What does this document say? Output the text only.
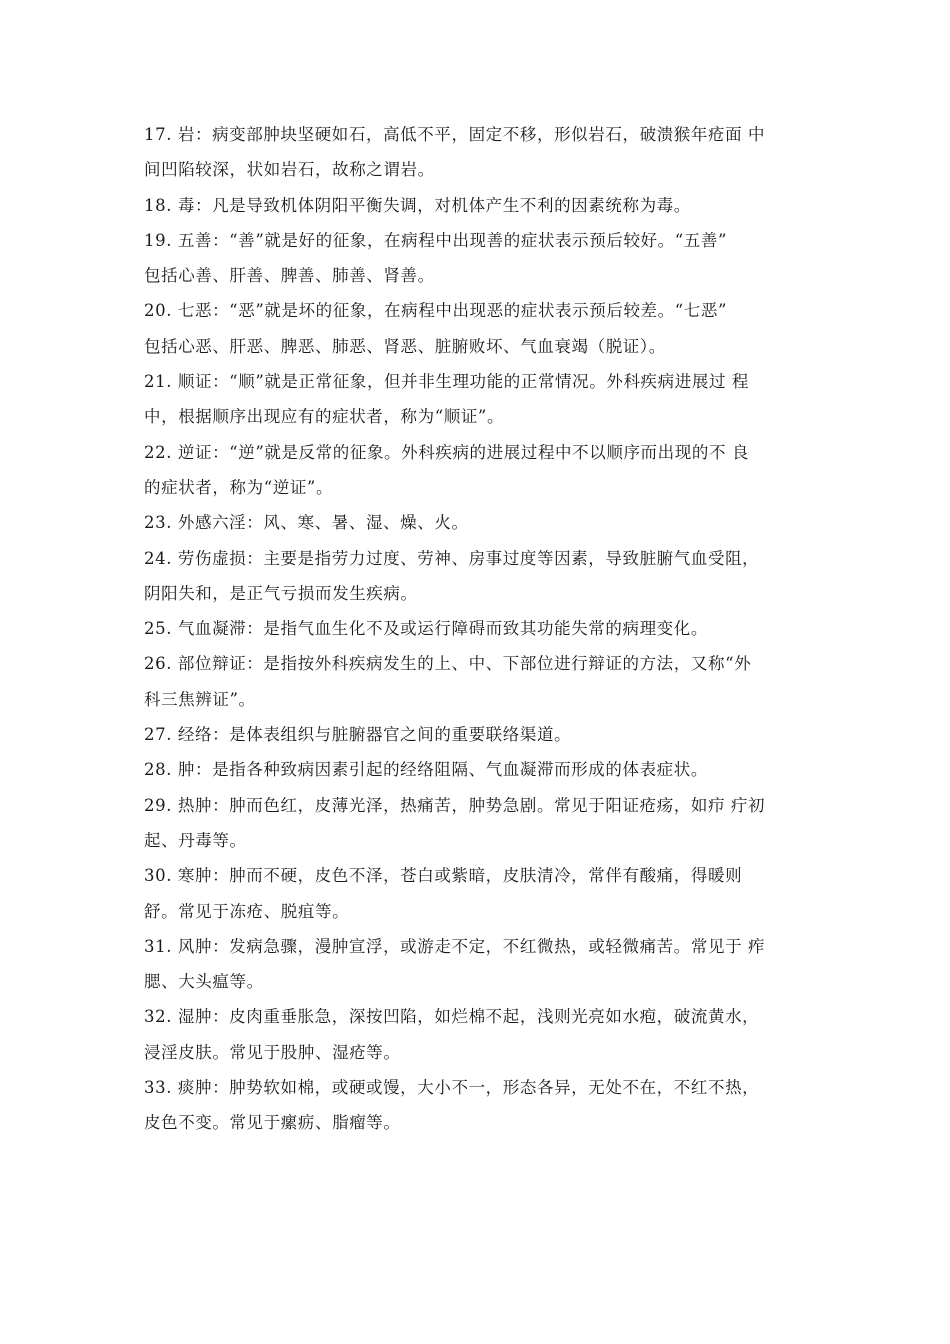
17. 岩：病变部肿块坚硬如石，高低不平，固定不移，形似岩石，破溃猴年疮面 中
间凹陷较深，状如岩石，故称之谓岩。
18. 毒：凡是导致机体阴阳平衡失调，对机体产生不利的因素统称为毒。
19. 五善：“善”就是好的征象，在病程中出现善的症状表示预后较好。“五善”
包括心善、肝善、脾善、肺善、肾善。
20. 七恶：“恶”就是坏的征象，在病程中出现恶的症状表示预后较差。“七恶”
包括心恶、肝恶、脾恶、肺恶、肾恶、脏腑败坏、气血衰竭（脱证）。
21. 顺证：“顺”就是正常征象，但并非生理功能的正常情况。外科疾病进展过 程
中，根据顺序出现应有的症状者，称为“顺证”。
22. 逆证：“逆”就是反常的征象。外科疾病的进展过程中不以顺序而出现的不 良
的症状者，称为“逆证”。
23. 外感六淫：风、寒、暑、湿、燥、火。
24. 劳伤虚损：主要是指劳力过度、劳神、房事过度等因素，导致脏腑气血受阻，
阴阳失和，是正气亏损而发生疾病。
25. 气血凝滞：是指气血生化不及或运行障碍而致其功能失常的病理变化。
26. 部位辩证：是指按外科疾病发生的上、中、下部位进行辩证的方法，又称“外
科三焦辨证”。
27. 经络：是体表组织与脏腑器官之间的重要联络渠道。
28. 肿：是指各种致病因素引起的经络阻隔、气血凝滞而形成的体表症状。
29. 热肿：肿而色红，皮薄光泽，热痛苦，肿势急剧。常见于阳证疮疡，如疖 疔初
起、丹毒等。
30. 寒肿：肿而不硬，皮色不泽，苍白或紫暗，皮肤清冷，常伴有酸痛，得暖则
舒。常见于冻疮、脱疽等。
31. 风肿：发病急骤，漫肿宣浮，或游走不定，不红微热，或轻微痛苦。常见于 痄
腮、大头瘟等。
32. 湿肿：皮肉重垂胀急，深按凹陷，如烂棉不起，浅则光亮如水疱，破流黄水，
浸淫皮肤。常见于股肿、湿疮等。
33. 痰肿：肿势软如棉，或硬或馒，大小不一，形态各异，无处不在，不红不热，
皮色不变。常见于瘰疬、脂瘤等。
